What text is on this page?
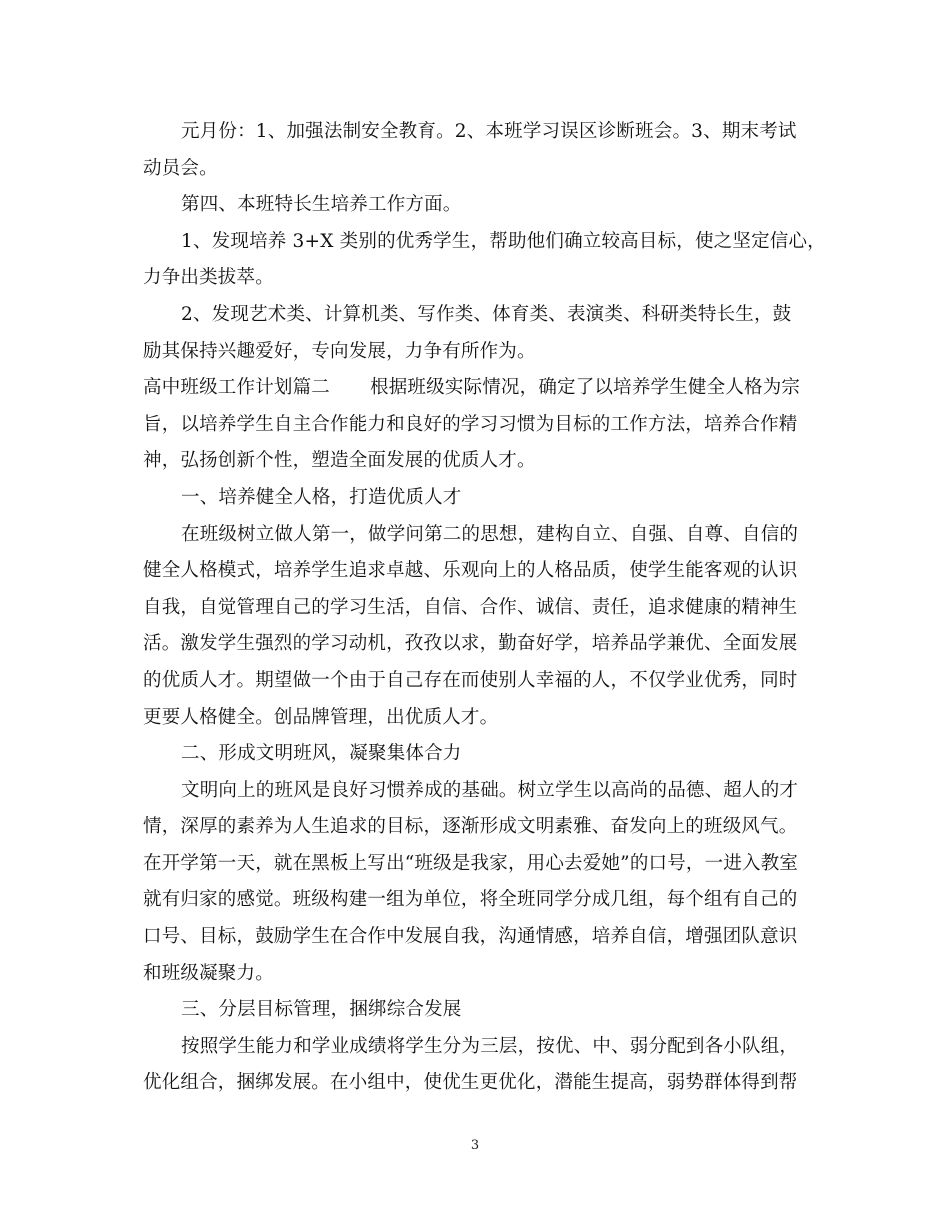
元月份：1、加强法制安全教育。2、本班学习误区诊断班会。3、期末考试
动员会。

第四、本班特长生培养工作方面。

1、发现培养 3+X 类别的优秀学生，帮助他们确立较高目标，使之坚定信心，
力争出类拔萃。

2、发现艺术类、计算机类、写作类、体育类、表演类、科研类特长生，鼓
励其保持兴趣爱好，专向发展，力争有所作为。

高中班级工作计划篇二 根据班级实际情况，确定了以培养学生健全人格为宗
旨，以培养学生自主合作能力和良好的学习习惯为目标的工作方法，培养合作精
神，弘扬创新个性，塑造全面发展的优质人才。

一、培养健全人格，打造优质人才

在班级树立做人第一，做学问第二的思想，建构自立、自强、自尊、自信的
健全人格模式，培养学生追求卓越、乐观向上的人格品质，使学生能客观的认识
自我，自觉管理自己的学习生活，自信、合作、诚信、责任，追求健康的精神生
活。激发学生强烈的学习动机，孜孜以求，勤奋好学，培养品学兼优、全面发展
的优质人才。期望做一个由于自己存在而使别人幸福的人，不仅学业优秀，同时
更要人格健全。创品牌管理，出优质人才。

二、形成文明班风，凝聚集体合力

文明向上的班风是良好习惯养成的基础。树立学生以高尚的品德、超人的才
情，深厚的素养为人生追求的目标，逐渐形成文明素雅、奋发向上的班级风气。
在开学第一天，就在黑板上写出“班级是我家，用心去爱她”的口号，一进入教室
就有归家的感觉。班级构建一组为单位，将全班同学分成几组，每个组有自己的
口号、目标，鼓励学生在合作中发展自我，沟通情感，培养自信，增强团队意识
和班级凝聚力。

三、分层目标管理，捆绑综合发展

按照学生能力和学业成绩将学生分为三层，按优、中、弱分配到各小队组，
优化组合，捆绑发展。在小组中，使优生更优化，潜能生提高，弱势群体得到帮

3
